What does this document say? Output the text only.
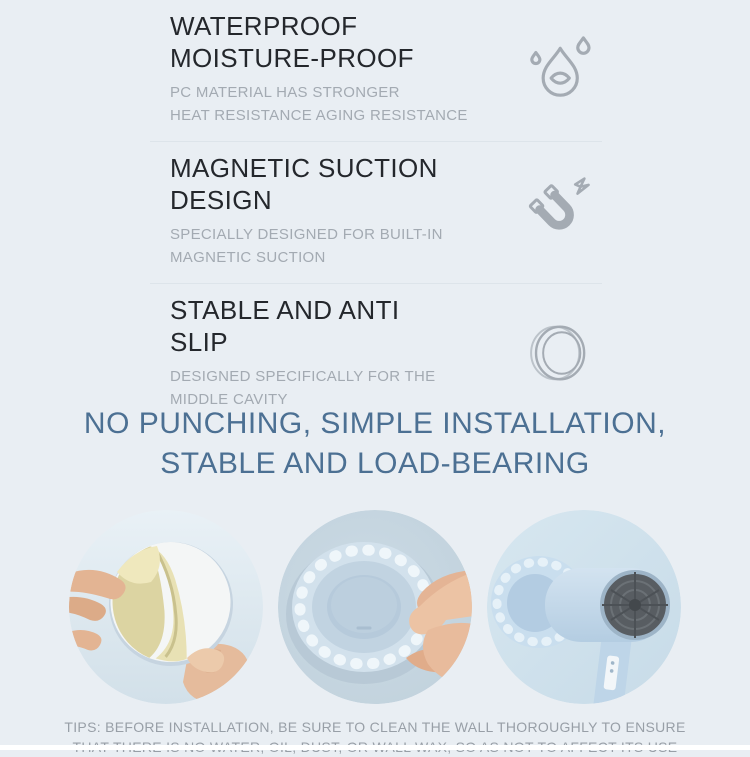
WATERPROOF
MOISTURE-PROOF
PC MATERIAL HAS STRONGER
HEAT RESISTANCE AGING RESISTANCE
MAGNETIC SUCTION
DESIGN
SPECIALLY DESIGNED FOR BUILT-IN
MAGNETIC SUCTION
STABLE AND ANTI
SLIP
DESIGNED SPECIFICALLY FOR THE
MIDDLE CAVITY
NO PUNCHING, SIMPLE INSTALLATION,
STABLE AND LOAD-BEARING
TIPS: BEFORE INSTALLATION, BE SURE TO CLEAN THE WALL THOROUGHLY TO ENSURE
